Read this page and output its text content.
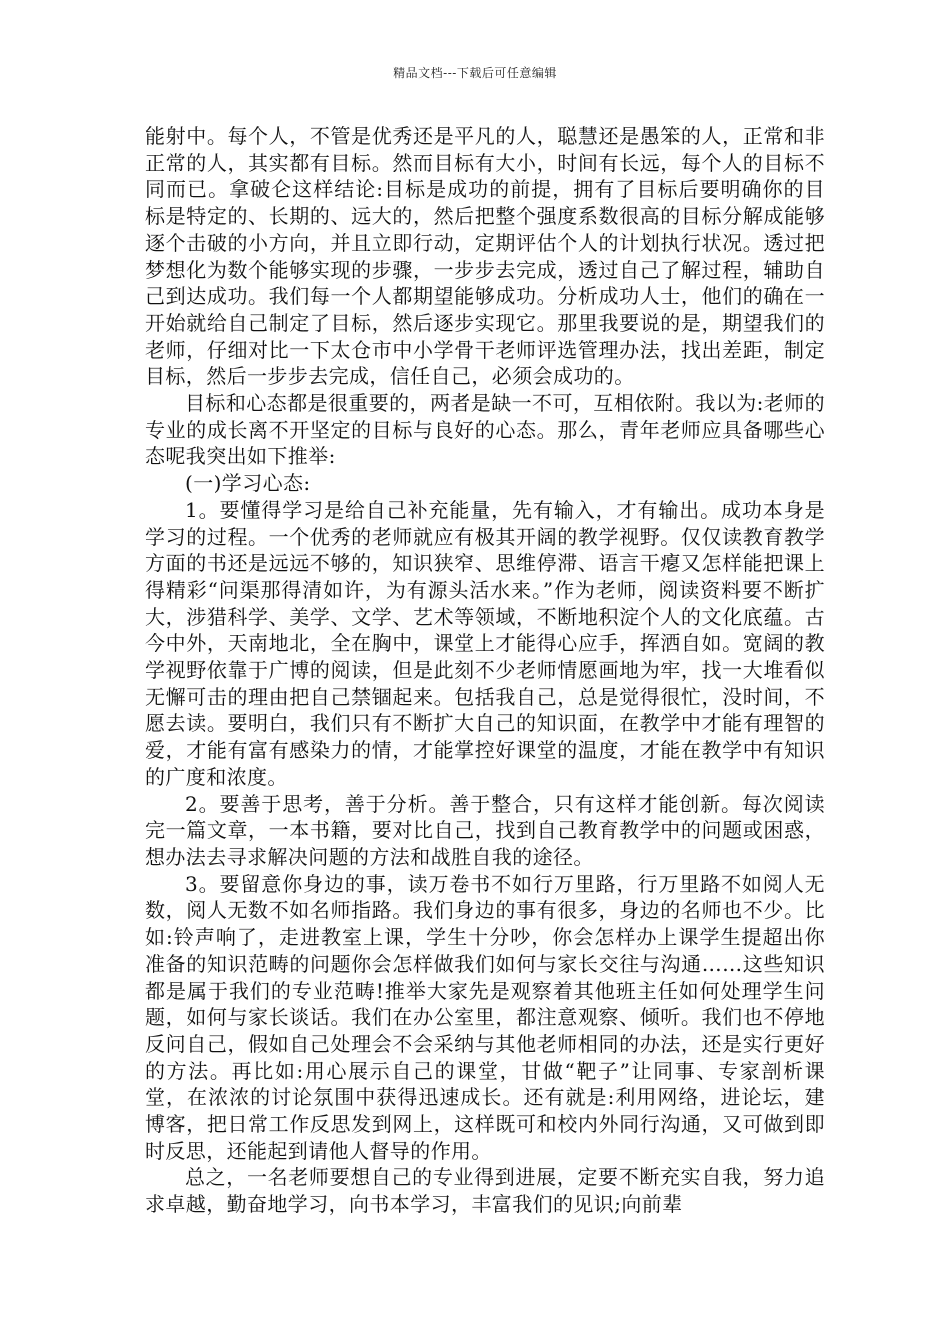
精品文档---下载后可任意编辑

能射中。每个人，不管是优秀还是平凡的人，聪慧还是愚笨的人，正常和非正常的人，其实都有目标。然而目标有大小，时间有长远，每个人的目标不同而已。拿破仑这样结论:目标是成功的前提，拥有了目标后要明确你的目标是特定的、长期的、远大的，然后把整个强度系数很高的目标分解成能够逐个击破的小方向，并且立即行动，定期评估个人的计划执行状况。透过把梦想化为数个能够实现的步骤，一步步去完成，透过自己了解过程，辅助自己到达成功。我们每一个人都期望能够成功。分析成功人士，他们的确在一开始就给自己制定了目标，然后逐步实现它。那里我要说的是，期望我们的老师，仔细对比一下太仓市中小学骨干老师评选管理办法，找出差距，制定目标，然后一步步去完成，信任自己，必须会成功的。

目标和心态都是很重要的，两者是缺一不可，互相依附。我以为:老师的专业的成长离不开坚定的目标与良好的心态。那么，青年老师应具备哪些心态呢我突出如下推举:

(一)学习心态:

1。要懂得学习是给自己补充能量，先有输入，才有输出。成功本身是学习的过程。一个优秀的老师就应有极其开阔的教学视野。仅仅读教育教学方面的书还是远远不够的，知识狭窄、思维停滞、语言干瘪又怎样能把课上得精彩“问渠那得清如许，为有源头活水来。”作为老师，阅读资料要不断扩大，涉猎科学、美学、文学、艺术等领域，不断地积淀个人的文化底蕴。古今中外，天南地北，全在胸中，课堂上才能得心应手，挥洒自如。宽阔的教学视野依靠于广博的阅读，但是此刻不少老师情愿画地为牢，找一大堆看似无懈可击的理由把自己禁锢起来。包括我自己，总是觉得很忙，没时间，不愿去读。要明白，我们只有不断扩大自己的知识面，在教学中才能有理智的爱，才能有富有感染力的情，才能掌控好课堂的温度，才能在教学中有知识的广度和浓度。

2。要善于思考，善于分析。善于整合，只有这样才能创新。每次阅读完一篇文章，一本书籍，要对比自己，找到自己教育教学中的问题或困惑，想办法去寻求解决问题的方法和战胜自我的途径。

3。要留意你身边的事，读万卷书不如行万里路，行万里路不如阅人无数，阅人无数不如名师指路。我们身边的事有很多，身边的名师也不少。比如:铃声响了，走进教室上课，学生十分吵，你会怎样办上课学生提超出你准备的知识范畴的问题你会怎样做我们如何与家长交往与沟通……这些知识都是属于我们的专业范畴!推举大家先是观察着其他班主任如何处理学生问题，如何与家长谈话。我们在办公室里，都注意观察、倾听。我们也不停地反问自己，假如自己处理会不会采纳与其他老师相同的办法，还是实行更好的方法。再比如:用心展示自己的课堂，甘做“靶子”让同事、专家剖析课堂，在浓浓的讨论氛围中获得迅速成长。还有就是:利用网络，进论坛，建博客，把日常工作反思发到网上，这样既可和校内外同行沟通，又可做到即时反思，还能起到请他人督导的作用。

总之，一名老师要想自己的专业得到进展，定要不断充实自我，努力追求卓越，勤奋地学习，向书本学习，丰富我们的见识;向前辈
